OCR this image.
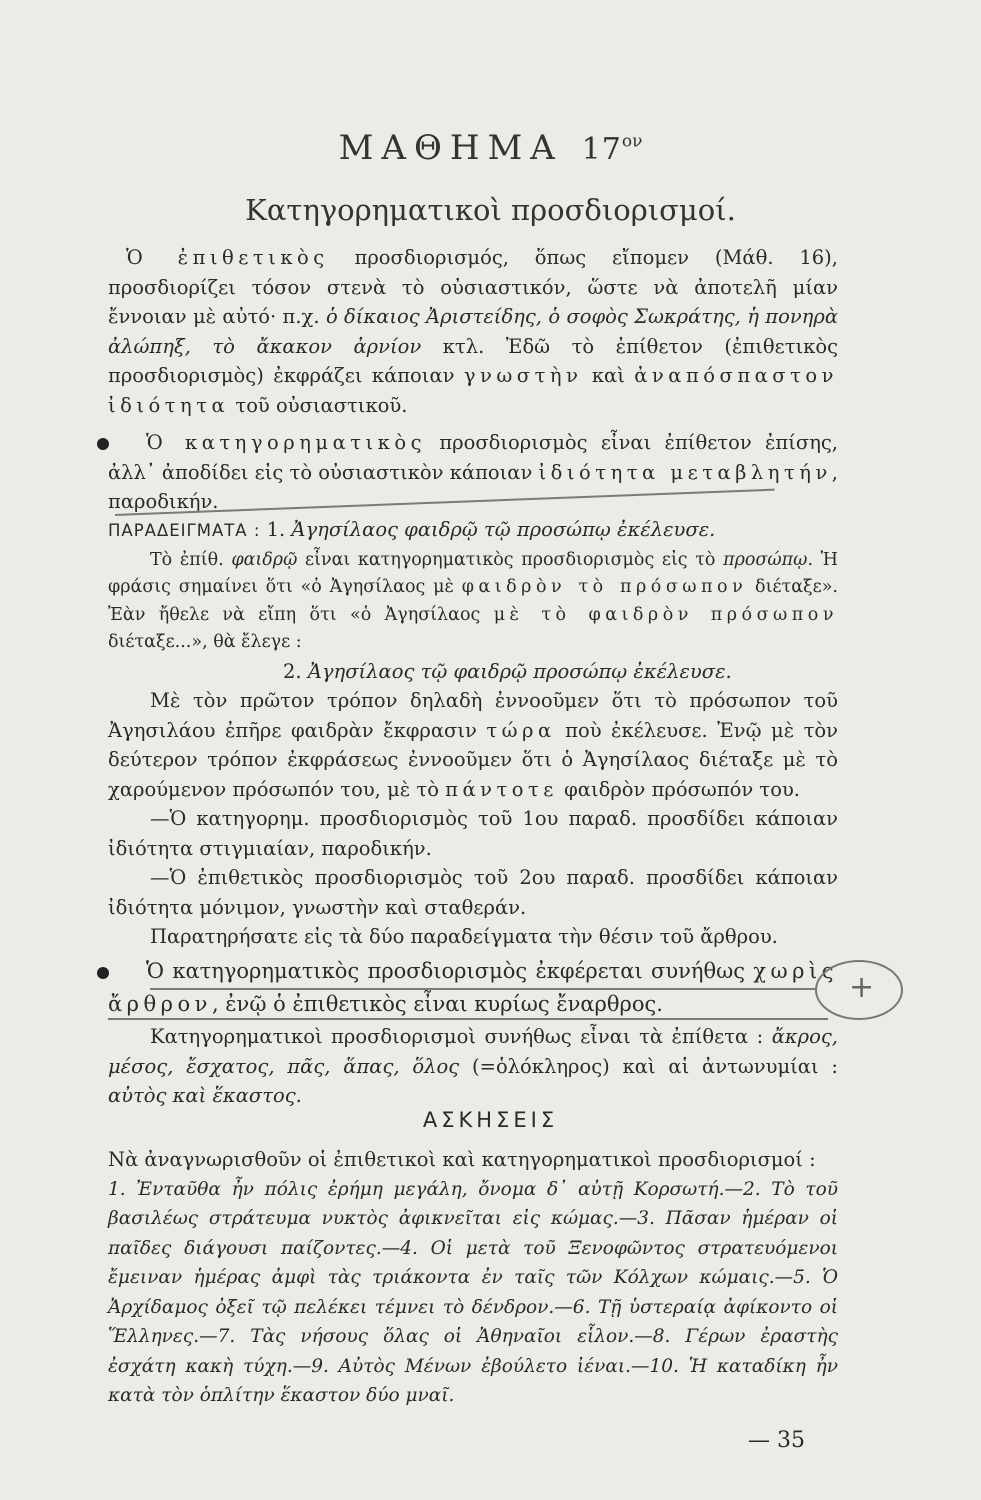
ΜΑΘΗΜΑ $17^{o\nu}$
Κατηγορηματικοὶ προσδιορισμοί.

Ὁ ἐπιθετικὸς προσδιορισμός, ὅπως εἴπομεν (Μάθ. 16), προσδιορίζει τόσον στενὰ τὸ οὐσιαστικόν, ὥστε νὰ ἀποτελῆ μίαν ἔννοιαν μὲ αὐτό· π.χ. ὁ δίκαιος Ἀριστείδης, ὁ σοφὸς Σωκράτης, ἡ πονηρὰ ἀλώπηξ, τὸ ἄκακον ἀρνίον κτλ. Ἐδῶ τὸ ἐπίθετον (ἐπιθετικὸς προσδιορισμὸς) ἐκφράζει κάποιαν γνωστὴν καὶ ἀναπόσπαστον ἰδιότητα τοῦ οὐσιαστικοῦ.

Ὁ κατηγορηματικὸς προσδιορισμὸς εἶναι ἐπίθετον ἐπίσης, ἀλλ᾿ ἀποδίδει εἰς τὸ οὐσιαστικὸν κάποιαν ἰδιότητα μεταβλητήν, παροδικήν.

ΠΑΡΑΔΕΙΓΜΑΤΑ : 1. Ἀγησίλαος φαιδρῷ τῷ προσώπῳ ἐκέλευσε.

Τὸ ἐπίθ. φαιδρῷ εἶναι κατηγορηματικὸς προσδιορισμὸς εἰς τὸ προσώπῳ. Ἡ φράσις σημαίνει ὅτι «ὁ Ἀγησίλαος μὲ φαιδρὸν τὸ πρόσωπον διέταξε». Ἐὰν ἤθελε νὰ εἴπη ὅτι «ὁ Ἀγησίλαος μὲ τὸ φαιδρὸν πρόσωπον διέταξε...», θὰ ἔλεγε :

2. Ἀγησίλαος τῷ φαιδρῷ προσώπῳ ἐκέλευσε.

Μὲ τὸν πρῶτον τρόπον δηλαδὴ ἐννοοῦμεν ὅτι τὸ πρόσωπον τοῦ Ἀγησιλάου ἐπῆρε φαιδρὰν ἔκφρασιν τώρα ποὺ ἐκέλευσε. Ἐνῷ μὲ τὸν δεύτερον τρόπον ἐκφράσεως ἐννοοῦμεν ὅτι ὁ Ἀγησίλαος διέταξε μὲ τὸ χαρούμενον πρόσωπόν του, μὲ τὸ πάντοτε φαιδρὸν πρόσωπόν του.

—Ὁ κατηγορημ. προσδιορισμὸς τοῦ 1ου παραδ. προσδίδει κάποιαν ἰδιότητα στιγμιαίαν, παροδικήν.

—Ὁ ἐπιθετικὸς προσδιορισμὸς τοῦ 2ου παραδ. προσδίδει κάποιαν ἰδιότητα μόνιμον, γνωστὴν καὶ σταθεράν.

Παρατηρήσατε εἰς τὰ δύο παραδείγματα τὴν θέσιν τοῦ ἄρθρου.

Ὁ κατηγορηματικὸς προσδιορισμὸς ἐκφέρεται συνήθως χωρὶς ἄρθρον, ἐνῷ ὁ ἐπιθετικὸς εἶναι κυρίως ἔναρθρος.	+

Κατηγορηματικοὶ προσδιορισμοὶ συνήθως εἶναι τὰ ἐπίθετα : ἄκρος, μέσος, ἔσχατος, πᾶς, ἅπας, ὅλος (=ὁλόκληρος) καὶ αἱ ἀντωνυμίαι : αὐτὸς καὶ ἕκαστος.

ΑΣΚΗΣΕΙΣ

Νὰ ἀναγνωρισθοῦν οἱ ἐπιθετικοὶ καὶ κατηγορηματικοὶ προσδιορισμοί :

1. Ἐνταῦθα ἦν πόλις ἐρήμη μεγάλη, ὄνομα δ᾿ αὐτῇ Κορσωτή.—2. Τὸ τοῦ βασιλέως στράτευμα νυκτὸς ἀφικνεῖται εἰς κώμας.—3. Πᾶσαν ἡμέραν οἱ παῖδες διάγουσι παίζοντες.—4. Οἱ μετὰ τοῦ Ξενοφῶντος στρατευόμενοι ἔμειναν ἡμέρας ἀμφὶ τὰς τριάκοντα ἐν ταῖς τῶν Κόλχων κώμαις.—5. Ὁ Ἀρχίδαμος ὀξεῖ τῷ πελέκει τέμνει τὸ δένδρον.—6. Τῇ ὑστεραίᾳ ἀφίκοντο οἱ Ἕλληνες.—7. Τὰς νήσους ὅλας οἱ Ἀθηναῖοι εἷλον.—8. Γέρων ἐραστὴς ἐσχάτη κακὴ τύχη.—9. Αὐτὸς Μένων ἐβούλετο ἰέναι.—10. Ἡ καταδίκη ἦν κατὰ τὸν ὁπλίτην ἕκαστον δύο μναῖ.

— 35
